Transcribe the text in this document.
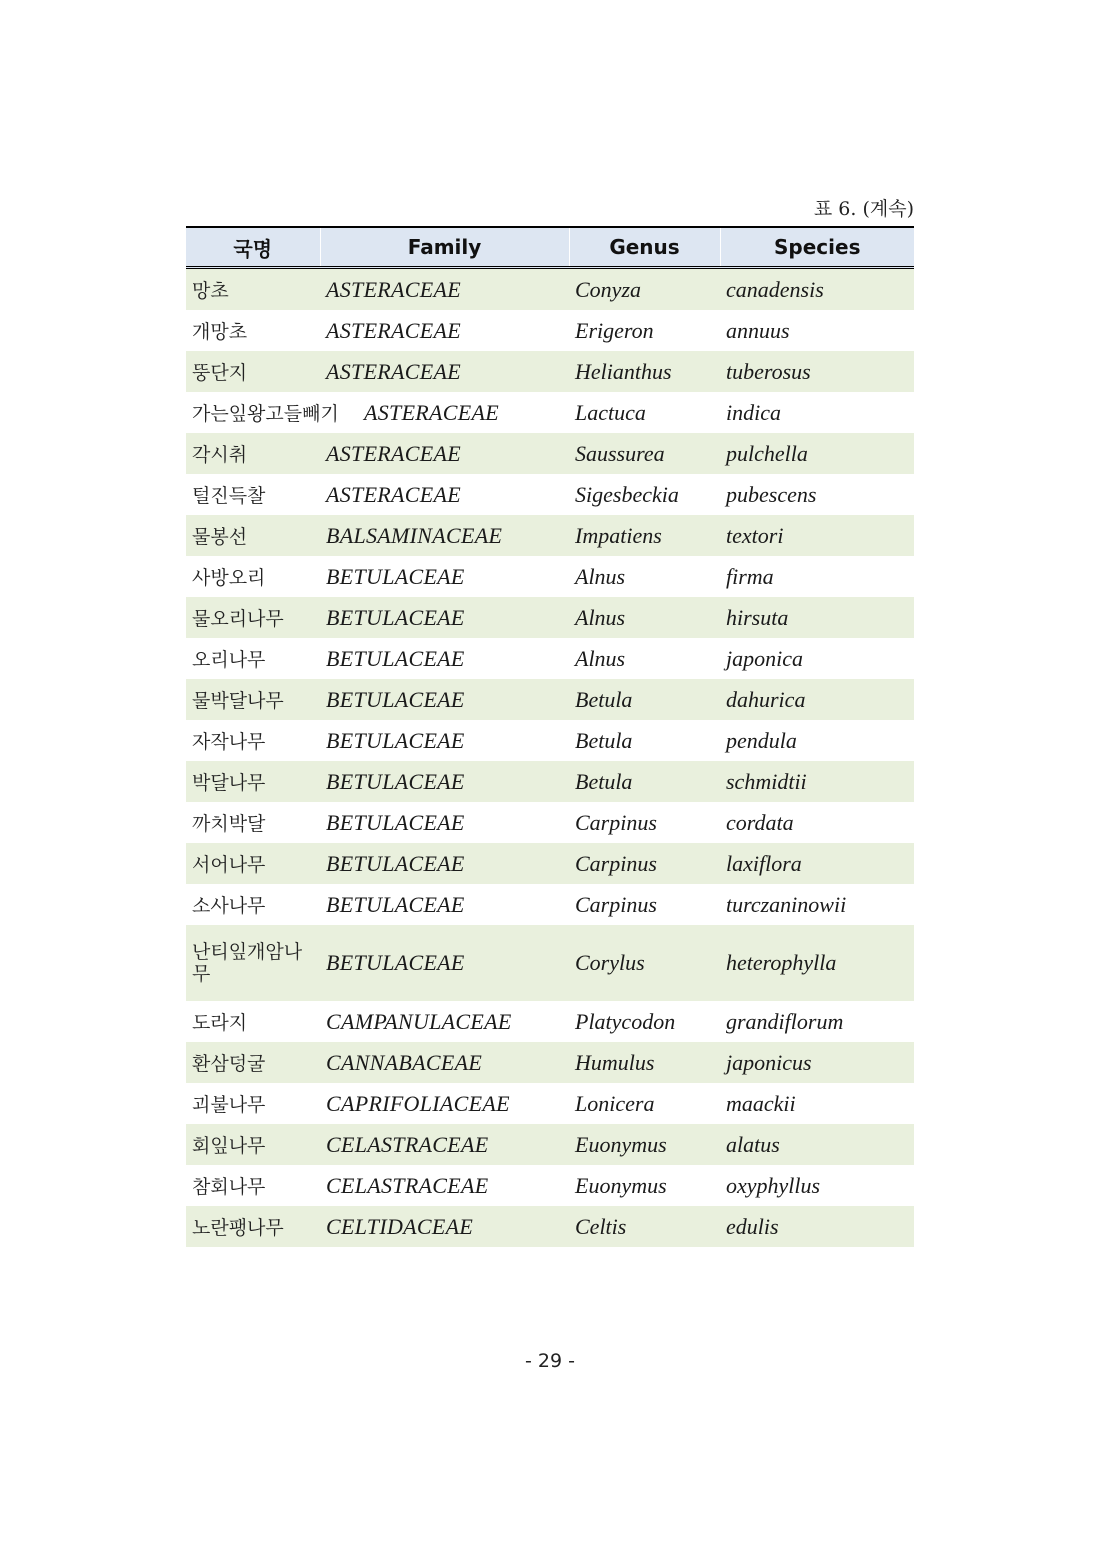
표 6. (계속)
국명	Family	Genus	Species
망초	ASTERACEAE	Conyza	canadensis
개망초	ASTERACEAE	Erigeron	annuus
뚱단지	ASTERACEAE	Helianthus	tuberosus
가는잎왕고들빼기	ASTERACEAE	Lactuca	indica
각시취	ASTERACEAE	Saussurea	pulchella
털진득찰	ASTERACEAE	Sigesbeckia	pubescens
물봉선	BALSAMINACEAE	Impatiens	textori
사방오리	BETULACEAE	Alnus	firma
물오리나무	BETULACEAE	Alnus	hirsuta
오리나무	BETULACEAE	Alnus	japonica
물박달나무	BETULACEAE	Betula	dahurica
자작나무	BETULACEAE	Betula	pendula
박달나무	BETULACEAE	Betula	schmidtii
까치박달	BETULACEAE	Carpinus	cordata
서어나무	BETULACEAE	Carpinus	laxiflora
소사나무	BETULACEAE	Carpinus	turczaninowii
난티잎개암나무	BETULACEAE	Corylus	heterophylla
도라지	CAMPANULACEAE	Platycodon	grandiflorum
환삼덩굴	CANNABACEAE	Humulus	japonicus
괴불나무	CAPRIFOLIACEAE	Lonicera	maackii
회잎나무	CELASTRACEAE	Euonymus	alatus
참회나무	CELASTRACEAE	Euonymus	oxyphyllus
노란팽나무	CELTIDACEAE	Celtis	edulis
- 29 -
